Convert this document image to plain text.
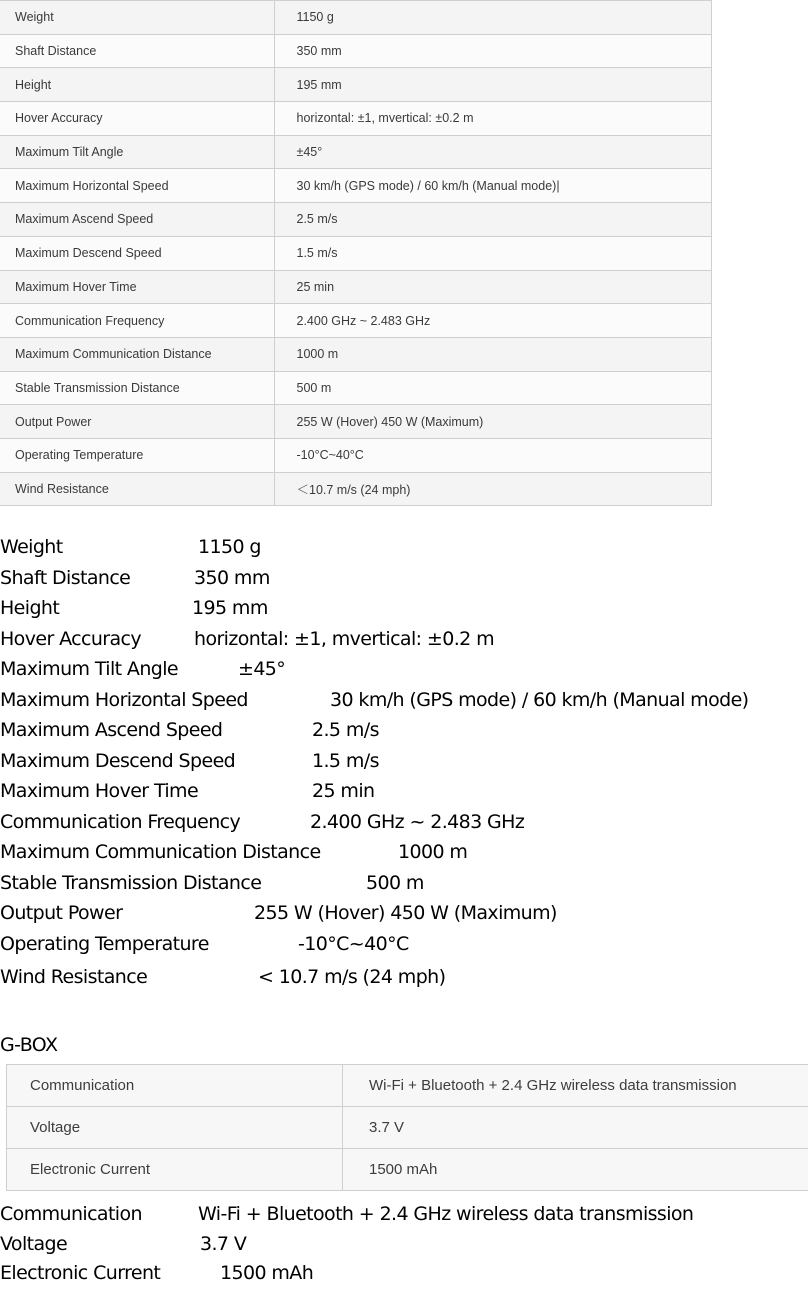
Weight	1150 g
Shaft Distance	350 mm
Height	195 mm
Hover Accuracy	horizontal: ±1, mvertical: ±0.2 m
Maximum Tilt Angle	±45°
Maximum Horizontal Speed	30 km/h (GPS mode) / 60 km/h (Manual mode)|
Maximum Ascend Speed	2.5 m/s
Maximum Descend Speed	1.5 m/s
Maximum Hover Time	25 min
Communication Frequency	2.400 GHz ~ 2.483 GHz
Maximum Communication Distance	1000 m
Stable Transmission Distance	500 m
Output Power	255 W (Hover) 450 W (Maximum)
Operating Temperature	-10°C~40°C
Wind Resistance	＜10.7 m/s (24 mph)
Weight	1150 g
Shaft Distance	350 mm
Height	195 mm
Hover Accuracy	horizontal: ±1, mvertical: ±0.2 m
Maximum Tilt Angle	±45°
Maximum Horizontal Speed	30 km/h (GPS mode) / 60 km/h (Manual mode)
Maximum Ascend Speed	2.5 m/s
Maximum Descend Speed	1.5 m/s
Maximum Hover Time	25 min
Communication Frequency	2.400 GHz ~ 2.483 GHz
Maximum Communication Distance	1000 m
Stable Transmission Distance	500 m
Output Power	255 W (Hover) 450 W (Maximum)
Operating Temperature	-10°C~40°C
Wind Resistance	< 10.7 m/s (24 mph)
G-BOX
Communication	Wi-Fi + Bluetooth + 2.4 GHz wireless data transmission
Voltage	3.7 V
Electronic Current	1500 mAh
Communication	Wi-Fi + Bluetooth + 2.4 GHz wireless data transmission
Voltage	3.7 V
Electronic Current	1500 mAh
